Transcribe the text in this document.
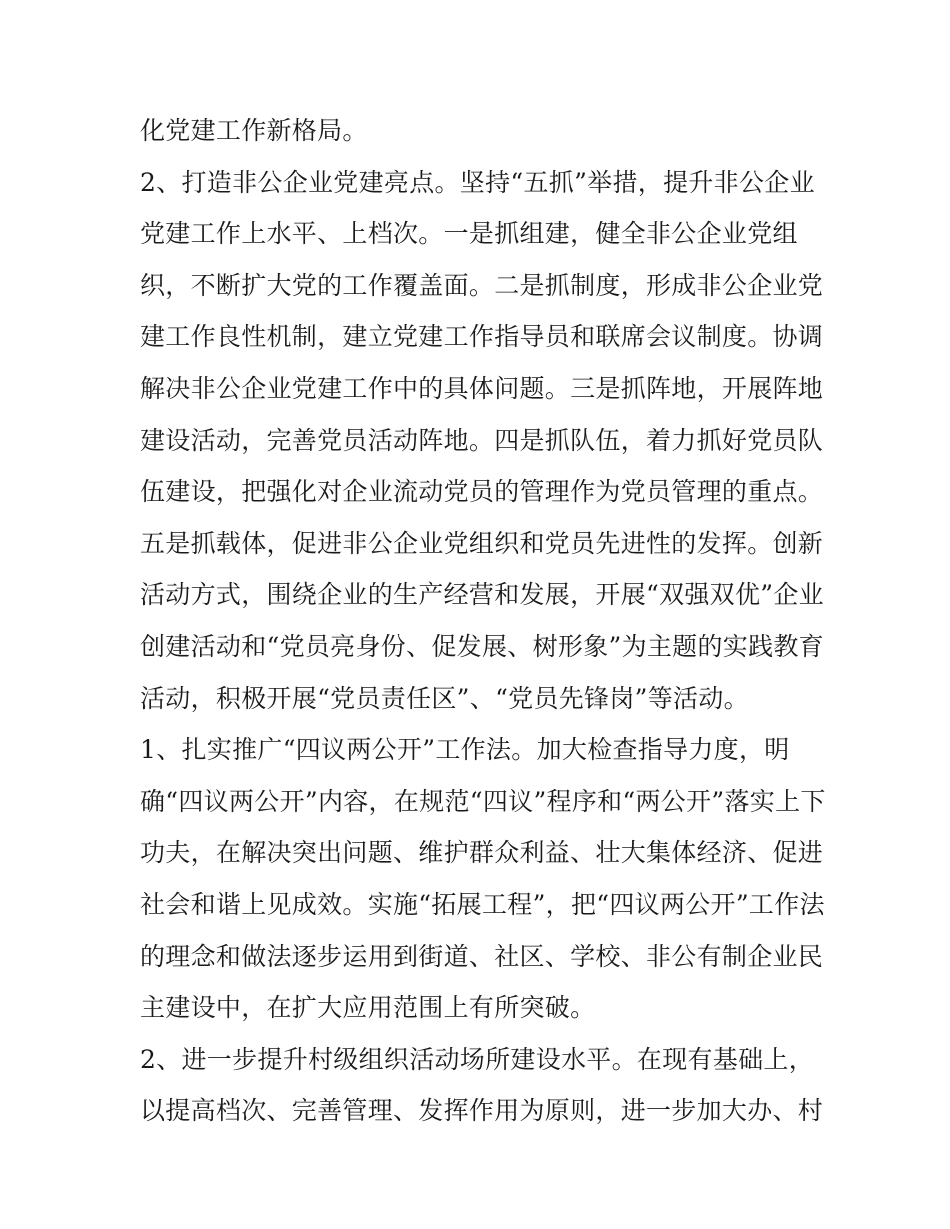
化党建工作新格局。
2、打造非公企业党建亮点。坚持“五抓”举措，提升非公企业
党建工作上水平、上档次。一是抓组建，健全非公企业党组
织，不断扩大党的工作覆盖面。二是抓制度，形成非公企业党
建工作良性机制，建立党建工作指导员和联席会议制度。协调
解决非公企业党建工作中的具体问题。三是抓阵地，开展阵地
建设活动，完善党员活动阵地。四是抓队伍，着力抓好党员队
伍建设，把强化对企业流动党员的管理作为党员管理的重点。
五是抓载体，促进非公企业党组织和党员先进性的发挥。创新
活动方式，围绕企业的生产经营和发展，开展“双强双优”企业
创建活动和“党员亮身份、促发展、树形象”为主题的实践教育
活动，积极开展“党员责任区”、“党员先锋岗”等活动。
1、扎实推广“四议两公开”工作法。加大检查指导力度，明
确“四议两公开”内容，在规范“四议”程序和“两公开”落实上下
功夫，在解决突出问题、维护群众利益、壮大集体经济、促进
社会和谐上见成效。实施“拓展工程”，把“四议两公开”工作法
的理念和做法逐步运用到街道、社区、学校、非公有制企业民
主建设中，在扩大应用范围上有所突破。
2、进一步提升村级组织活动场所建设水平。在现有基础上，
以提高档次、完善管理、发挥作用为原则，进一步加大办、村
